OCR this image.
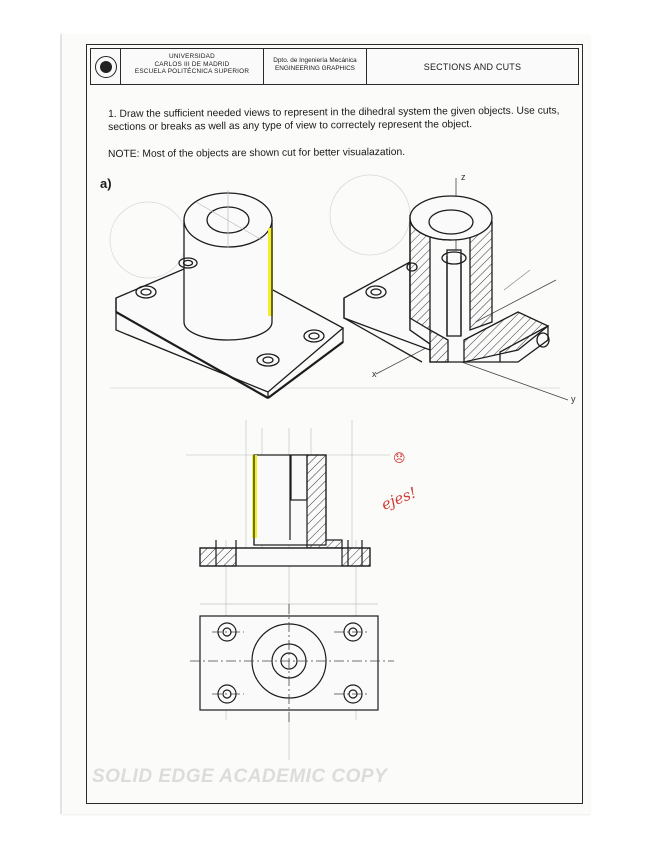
UNIVERSIDAD
CARLOS III DE MADRID
ESCUELA POLITÉCNICA SUPERIOR
Dpto. de Ingeniería Mecánica
ENGINEERING GRAPHICS	SECTIONS AND CUTS
1. Draw the sufficient needed views to represent in the dihedral system the given objects. Use cuts, sections or breaks as well as any type of view to correctely represent the object.
NOTE: Most of the objects are shown cut for better visualazation.
a)
SOLID EDGE ACADEMIC COPY
z
x
y
😞
ejes!
